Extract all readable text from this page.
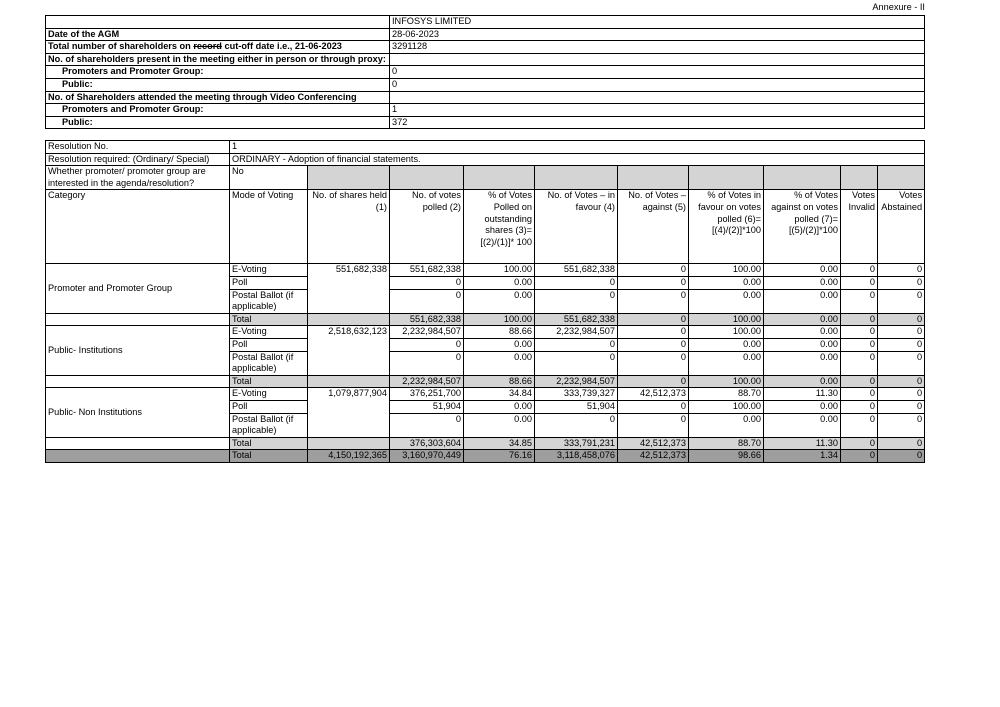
Annexure - II
	INFOSYS LIMITED
Date of the AGM	28-06-2023
Total number of shareholders on record cut-off date i.e., 21-06-2023	3291128
No. of shareholders present in the meeting either in person or through proxy:	
Promoters and Promoter Group:	0
Public:	0
No. of Shareholders attended the meeting through Video Conferencing	
Promoters and Promoter Group:	1
Public:	372
Resolution No.	1									
Resolution required: (Ordinary/ Special)	ORDINARY - Adoption of financial statements.									
Whether promoter/ promoter group are interested in the agenda/resolution?	No									
Category	Mode of Voting	No. of shares held (1)	No. of votes polled (2)	% of Votes Polled on outstanding shares (3)=[(2)/(1)]* 100	No. of Votes – in favour (4)	No. of Votes – against (5)	% of Votes in favour on votes polled (6)=[(4)/(2)]*100	% of Votes against on votes polled (7)=[(5)/(2)]*100	Votes Invalid	Votes Abstained
Promoter and Promoter Group	E-Voting	551,682,338	551,682,338	100.00	551,682,338	0	100.00	0.00	0	0
	Poll		0	0.00	0	0	0.00	0.00	0	0
	Postal Ballot (if applicable)		0	0.00	0	0	0.00	0.00	0	0
	Total		551,682,338	100.00	551,682,338	0	100.00	0.00	0	0
Public- Institutions	E-Voting	2,518,632,123	2,232,984,507	88.66	2,232,984,507	0	100.00	0.00	0	0
	Poll		0	0.00	0	0	0.00	0.00	0	0
	Postal Ballot (if applicable)		0	0.00	0	0	0.00	0.00	0	0
	Total		2,232,984,507	88.66	2,232,984,507	0	100.00	0.00	0	0
Public- Non Institutions	E-Voting	1,079,877,904	376,251,700	34.84	333,739,327	42,512,373	88.70	11.30	0	0
	Poll		51,904	0.00	51,904	0	100.00	0.00	0	0
	Postal Ballot (if applicable)		0	0.00	0	0	0.00	0.00	0	0
	Total		376,303,604	34.85	333,791,231	42,512,373	88.70	11.30	0	0
	Total	4,150,192,365	3,160,970,449	76.16	3,118,458,076	42,512,373	98.66	1.34	0	0
